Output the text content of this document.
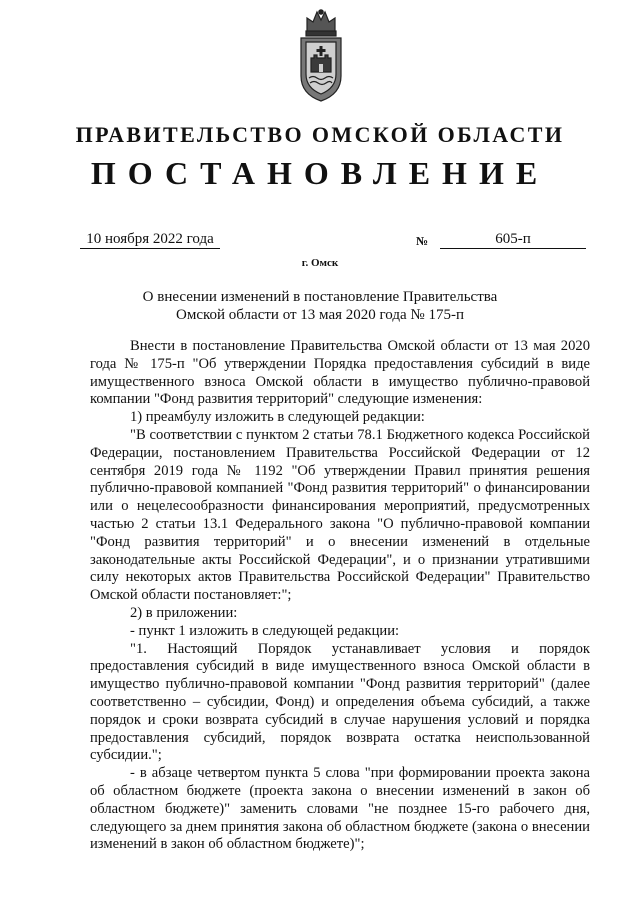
ПРАВИТЕЛЬСТВО ОМСКОЙ ОБЛАСТИ
ПОСТАНОВЛЕНИЕ
10 ноября 2022 года	№	605-п
г. Омск
О внесении изменений в постановление Правительства
Омской области от 13 мая 2020 года № 175-п

Внести в постановление Правительства Омской области от 13 мая 2020 года № 175-п "Об утверждении Порядка предоставления субсидий в виде имущественного взноса Омской области в имущество публично-правовой компании "Фонд развития территорий" следующие изменения:

1) преамбулу изложить в следующей редакции:

"В соответствии с пунктом 2 статьи 78.1 Бюджетного кодекса Российской Федерации, постановлением Правительства Российской Федерации от 12 сентября 2019 года № 1192 "Об утверждении Правил принятия решения публично-правовой компанией "Фонд развития территорий" о финансировании или о нецелесообразности финансирования мероприятий, предусмотренных частью 2 статьи 13.1 Федерального закона "О публично-правовой компании "Фонд развития территорий" и о внесении изменений в отдельные законодательные акты Российской Федерации", и о признании утратившими силу некоторых актов Правительства Российской Федерации" Правительство Омской области постановляет:";

2) в приложении:

- пункт 1 изложить в следующей редакции:

"1. Настоящий Порядок устанавливает условия и порядок предоставления субсидий в виде имущественного взноса Омской области в имущество публично-правовой компании "Фонд развития территорий" (далее соответственно – субсидии, Фонд) и определения объема субсидий, а также порядок и сроки возврата субсидий в случае нарушения условий и порядка предоставления субсидий, порядок возврата остатка неиспользованной субсидии.";

- в абзаце четвертом пункта 5 слова "при формировании проекта закона об областном бюджете (проекта закона о внесении изменений в закон об областном бюджете)" заменить словами "не позднее 15-го рабочего дня, следующего за днем принятия закона об областном бюджете (закона о внесении изменений в закон об областном бюджете)";
